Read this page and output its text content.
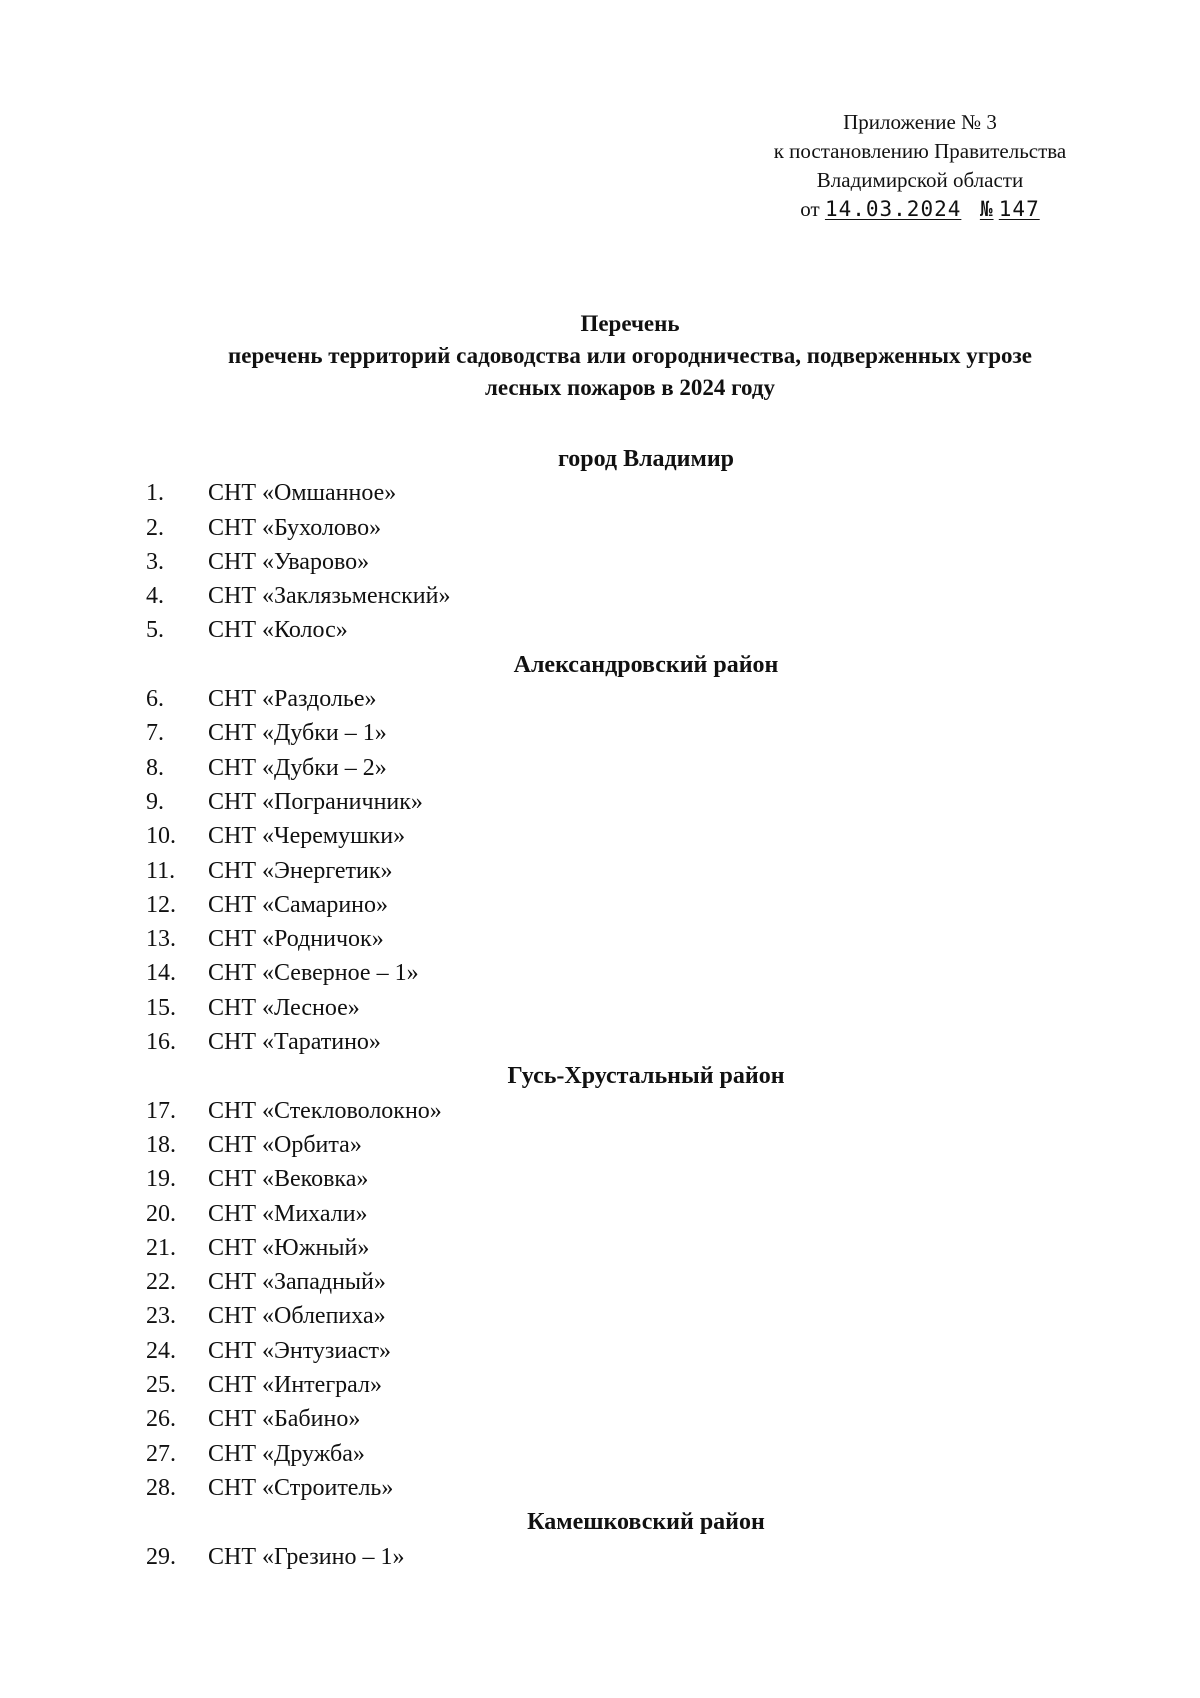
Приложение № 3
к постановлению Правительства
Владимирской области
от 14.03.2024 № 147
Перечень
перечень территорий садоводства или огородничества, подверженных угрозе
лесных пожаров в 2024 году
город Владимир
1.	СНТ «Омшанное»
2.	СНТ «Бухолово»
3.	СНТ «Уварово»
4.	СНТ «Заклязьменский»
5.	СНТ «Колос»
Александровский район
6.	СНТ «Раздолье»
7.	СНТ «Дубки – 1»
8.	СНТ «Дубки – 2»
9.	СНТ «Пограничник»
10.	СНТ «Черемушки»
11.	СНТ «Энергетик»
12.	СНТ «Самарино»
13.	СНТ «Родничок»
14.	СНТ «Северное – 1»
15.	СНТ «Лесное»
16.	СНТ «Таратино»
Гусь-Хрустальный район
17.	СНТ «Стекловолокно»
18.	СНТ «Орбита»
19.	СНТ «Вековка»
20.	СНТ «Михали»
21.	СНТ «Южный»
22.	СНТ «Западный»
23.	СНТ «Облепиха»
24.	СНТ «Энтузиаст»
25.	СНТ «Интеграл»
26.	СНТ «Бабино»
27.	СНТ «Дружба»
28.	СНТ «Строитель»
Камешковский район
29.	СНТ «Грезино – 1»
